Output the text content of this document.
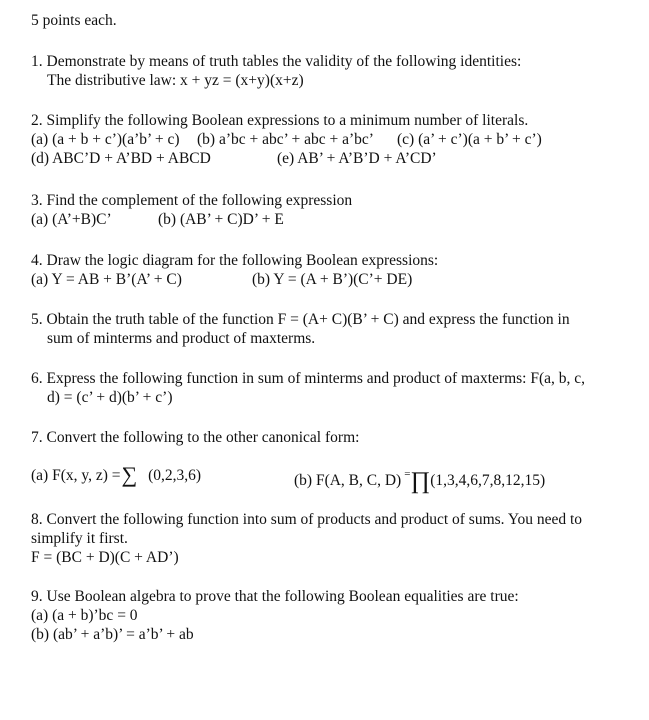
5 points each.
1. Demonstrate by means of truth tables the validity of the following identities:
The distributive law: x + yz = (x+y)(x+z)
2. Simplify the following Boolean expressions to a minimum number of literals.
(a) (a + b + c’)(a’b’ + c) (b) a’bc + abc’ + abc + a’bc’ (c) (a’ + c’)(a + b’ + c’)
(d) ABC’D + A’BD + ABCD	(e) AB’ + A’B’D + A’CD’
3. Find the complement of the following expression
(a) (A’+B)C’	(b) (AB’ + C)D’ + E
4. Draw the logic diagram for the following Boolean expressions:
(a) Y = AB + B’(A’ + C)	(b) Y = (A + B’)(C’+ DE)
5. Obtain the truth table of the function F = (A+ C)(B’ + C) and express the function in
sum of minterms and product of maxterms.
6. Express the following function in sum of minterms and product of maxterms: F(a, b, c,
d) = (c’ + d)(b’ + c’)
7. Convert the following to the other canonical form:
(a) F(x, y, z) =∑ (0,2,3,6)	(b) F(A, B, C, D) =∏(1,3,4,6,7,8,12,15)
8. Convert the following function into sum of products and product of sums. You need to
simplify it first.
F = (BC + D)(C + AD’)
9. Use Boolean algebra to prove that the following Boolean equalities are true:
(a) (a + b)’bc = 0
(b) (ab’ + a’b)’ = a’b’ + ab
